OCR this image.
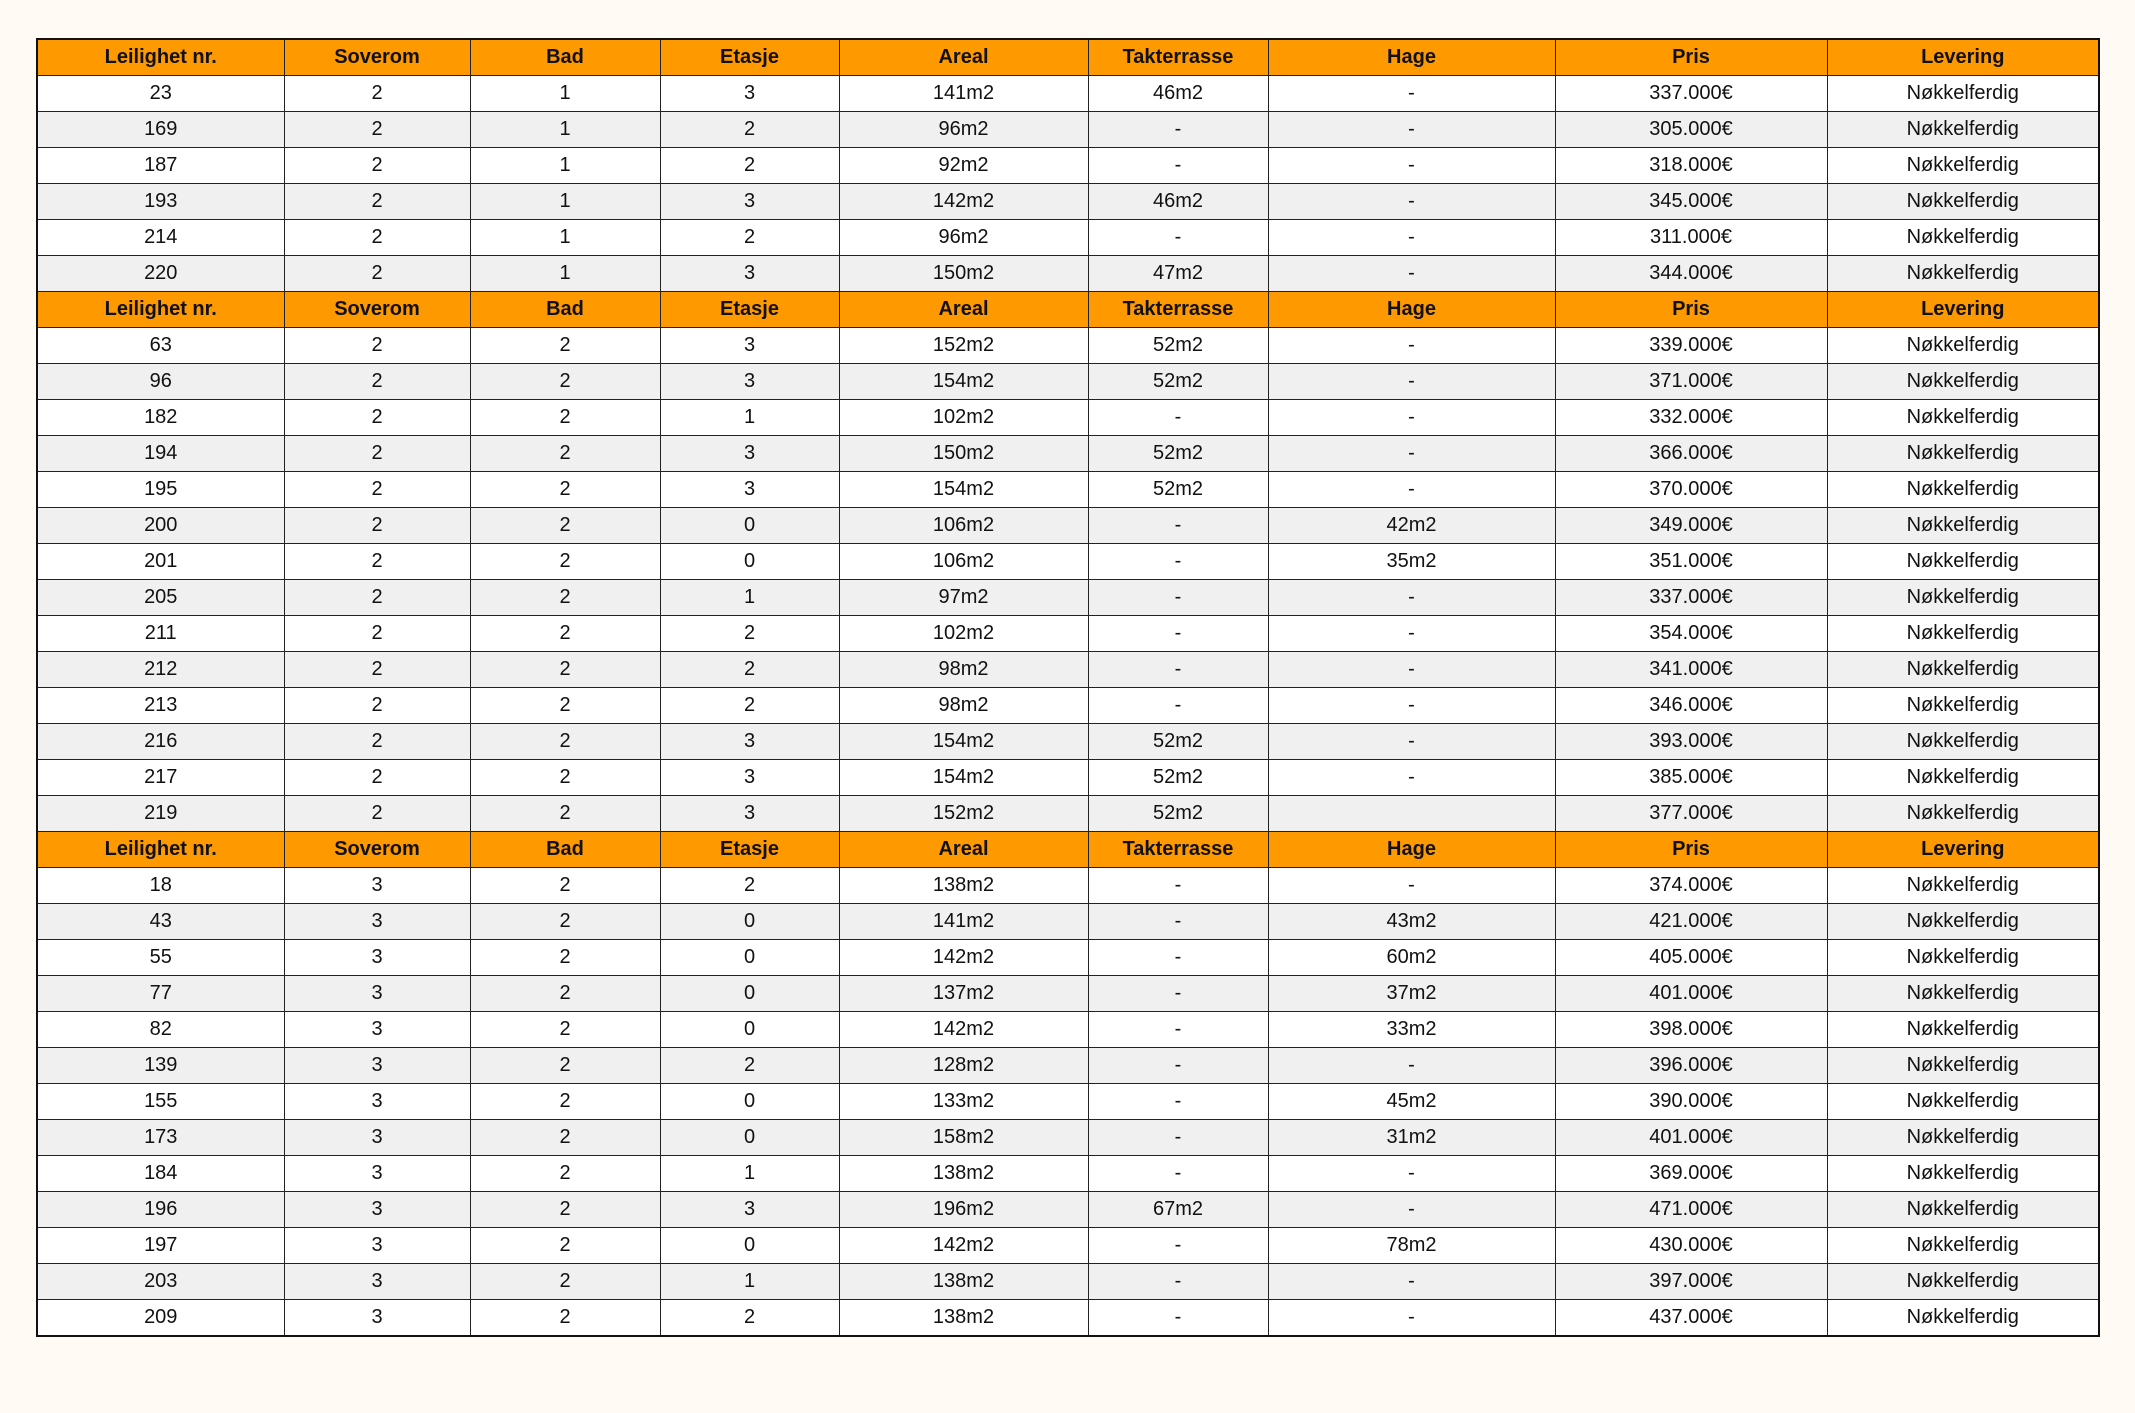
Leilighet nr.	Soverom	Bad	Etasje	Areal	Takterrasse	Hage	Pris	Levering
23	2	1	3	141m2	46m2	-	337.000€	Nøkkelferdig
169	2	1	2	96m2	-	-	305.000€	Nøkkelferdig
187	2	1	2	92m2	-	-	318.000€	Nøkkelferdig
193	2	1	3	142m2	46m2	-	345.000€	Nøkkelferdig
214	2	1	2	96m2	-	-	311.000€	Nøkkelferdig
220	2	1	3	150m2	47m2	-	344.000€	Nøkkelferdig
Leilighet nr.	Soverom	Bad	Etasje	Areal	Takterrasse	Hage	Pris	Levering
63	2	2	3	152m2	52m2	-	339.000€	Nøkkelferdig
96	2	2	3	154m2	52m2	-	371.000€	Nøkkelferdig
182	2	2	1	102m2	-	-	332.000€	Nøkkelferdig
194	2	2	3	150m2	52m2	-	366.000€	Nøkkelferdig
195	2	2	3	154m2	52m2	-	370.000€	Nøkkelferdig
200	2	2	0	106m2	-	42m2	349.000€	Nøkkelferdig
201	2	2	0	106m2	-	35m2	351.000€	Nøkkelferdig
205	2	2	1	97m2	-	-	337.000€	Nøkkelferdig
211	2	2	2	102m2	-	-	354.000€	Nøkkelferdig
212	2	2	2	98m2	-	-	341.000€	Nøkkelferdig
213	2	2	2	98m2	-	-	346.000€	Nøkkelferdig
216	2	2	3	154m2	52m2	-	393.000€	Nøkkelferdig
217	2	2	3	154m2	52m2	-	385.000€	Nøkkelferdig
219	2	2	3	152m2	52m2		377.000€	Nøkkelferdig
Leilighet nr.	Soverom	Bad	Etasje	Areal	Takterrasse	Hage	Pris	Levering
18	3	2	2	138m2	-	-	374.000€	Nøkkelferdig
43	3	2	0	141m2	-	43m2	421.000€	Nøkkelferdig
55	3	2	0	142m2	-	60m2	405.000€	Nøkkelferdig
77	3	2	0	137m2	-	37m2	401.000€	Nøkkelferdig
82	3	2	0	142m2	-	33m2	398.000€	Nøkkelferdig
139	3	2	2	128m2	-	-	396.000€	Nøkkelferdig
155	3	2	0	133m2	-	45m2	390.000€	Nøkkelferdig
173	3	2	0	158m2	-	31m2	401.000€	Nøkkelferdig
184	3	2	1	138m2	-	-	369.000€	Nøkkelferdig
196	3	2	3	196m2	67m2	-	471.000€	Nøkkelferdig
197	3	2	0	142m2	-	78m2	430.000€	Nøkkelferdig
203	3	2	1	138m2	-	-	397.000€	Nøkkelferdig
209	3	2	2	138m2	-	-	437.000€	Nøkkelferdig
